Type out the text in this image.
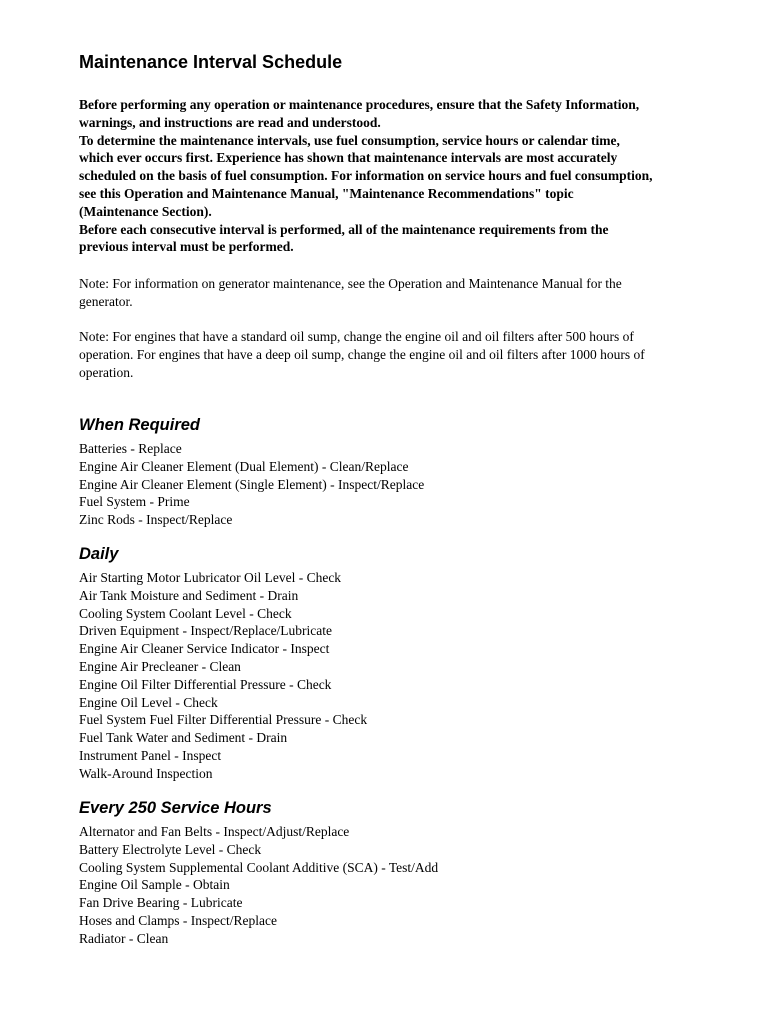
Maintenance Interval Schedule

Before performing any operation or maintenance procedures, ensure that the Safety Information,
warnings, and instructions are read and understood.
To determine the maintenance intervals, use fuel consumption, service hours or calendar time,
which ever occurs first. Experience has shown that maintenance intervals are most accurately
scheduled on the basis of fuel consumption. For information on service hours and fuel consumption,
see this Operation and Maintenance Manual, "Maintenance Recommendations" topic
(Maintenance Section).
Before each consecutive interval is performed, all of the maintenance requirements from the
previous interval must be performed.

Note: For information on generator maintenance, see the Operation and Maintenance Manual for the
generator.

Note: For engines that have a standard oil sump, change the engine oil and oil filters after 500 hours of
operation. For engines that have a deep oil sump, change the engine oil and oil filters after 1000 hours of
operation.

When Required
Batteries - Replace
Engine Air Cleaner Element (Dual Element) - Clean/Replace
Engine Air Cleaner Element (Single Element) - Inspect/Replace
Fuel System - Prime
Zinc Rods - Inspect/Replace
Daily
Air Starting Motor Lubricator Oil Level - Check
Air Tank Moisture and Sediment - Drain
Cooling System Coolant Level - Check
Driven Equipment - Inspect/Replace/Lubricate
Engine Air Cleaner Service Indicator - Inspect
Engine Air Precleaner - Clean
Engine Oil Filter Differential Pressure - Check
Engine Oil Level - Check
Fuel System Fuel Filter Differential Pressure - Check
Fuel Tank Water and Sediment - Drain
Instrument Panel - Inspect
Walk-Around Inspection
Every 250 Service Hours
Alternator and Fan Belts - Inspect/Adjust/Replace
Battery Electrolyte Level - Check
Cooling System Supplemental Coolant Additive (SCA) - Test/Add
Engine Oil Sample - Obtain
Fan Drive Bearing - Lubricate
Hoses and Clamps - Inspect/Replace
Radiator - Clean
